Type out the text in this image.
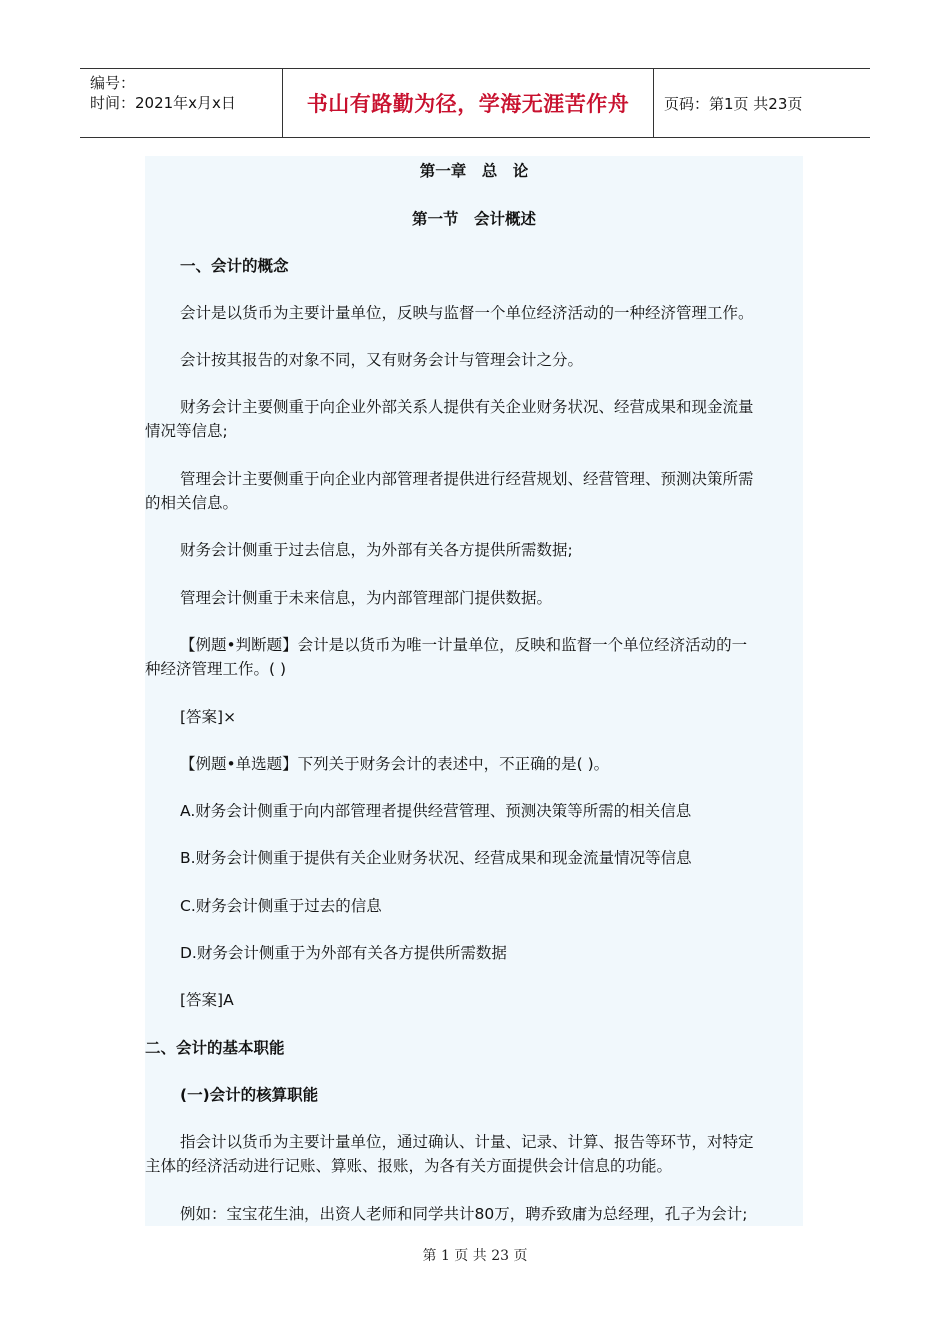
编号：
时间：2021年x月x日	书山有路勤为径，学海无涯苦作舟 页码：第1页 共23页
第一章　总　论
第一节　会计概述
一、会计的概念
会计是以货币为主要计量单位，反映与监督一个单位经济活动的一种经济管理工作。
会计按其报告的对象不同，又有财务会计与管理会计之分。
财务会计主要侧重于向企业外部关系人提供有关企业财务状况、经营成果和现金流量
情况等信息;
管理会计主要侧重于向企业内部管理者提供进行经营规划、经营管理、预测决策所需
的相关信息。
财务会计侧重于过去信息，为外部有关各方提供所需数据;
管理会计侧重于未来信息，为内部管理部门提供数据。
【例题•判断题】会计是以货币为唯一计量单位，反映和监督一个单位经济活动的一
种经济管理工作。( )
[答案]×
【例题•单选题】下列关于财务会计的表述中，不正确的是( )。
A.财务会计侧重于向内部管理者提供经营管理、预测决策等所需的相关信息
B.财务会计侧重于提供有关企业财务状况、经营成果和现金流量情况等信息
C.财务会计侧重于过去的信息
D.财务会计侧重于为外部有关各方提供所需数据
[答案]A
二、会计的基本职能
(一)会计的核算职能
指会计以货币为主要计量单位，通过确认、计量、记录、计算、报告等环节，对特定
主体的经济活动进行记账、算账、报账，为各有关方面提供会计信息的功能。
例如：宝宝花生油，出资人老师和同学共计80万，聘乔致庸为总经理，孔子为会计;
第 1 页 共 23 页
